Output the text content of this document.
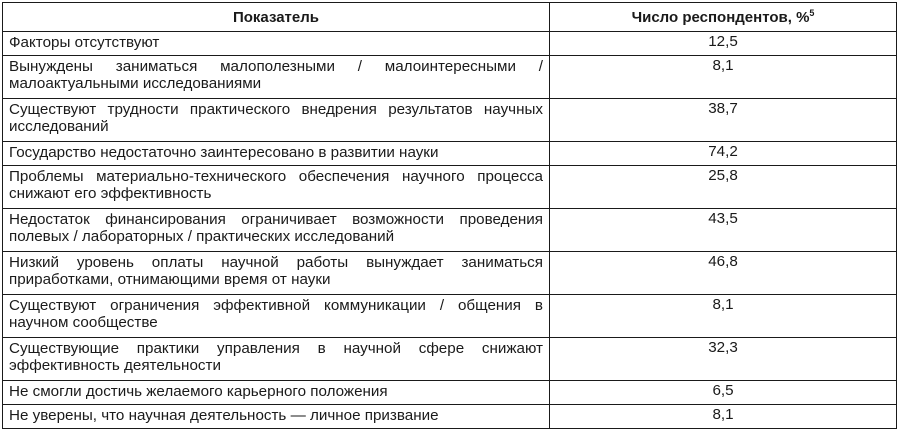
Показатель	Число респондентов, %$^5$
Факторы отсутствуют	12,5
Вынуждены заниматься малополезными / малоинтересными / малоактуальными исследованиями	8,1
Существуют трудности практического внедрения результатов научных исследований	38,7
Государство недостаточно заинтересовано в развитии науки	74,2
Проблемы материально-технического обеспечения научного процесса снижают его эффективность	25,8
Недостаток финансирования ограничивает возможности проведения полевых / лабораторных / практических исследований	43,5
Низкий уровень оплаты научной работы вынуждает заниматься приработками, отнимающими время от науки	46,8
Существуют ограничения эффективной коммуникации / общения в научном сообществе	8,1
Существующие практики управления в научной сфере снижают эффективность деятельности	32,3
Не смогли достичь желаемого карьерного положения	6,5
Не уверены, что научная деятельность — личное призвание	8,1
